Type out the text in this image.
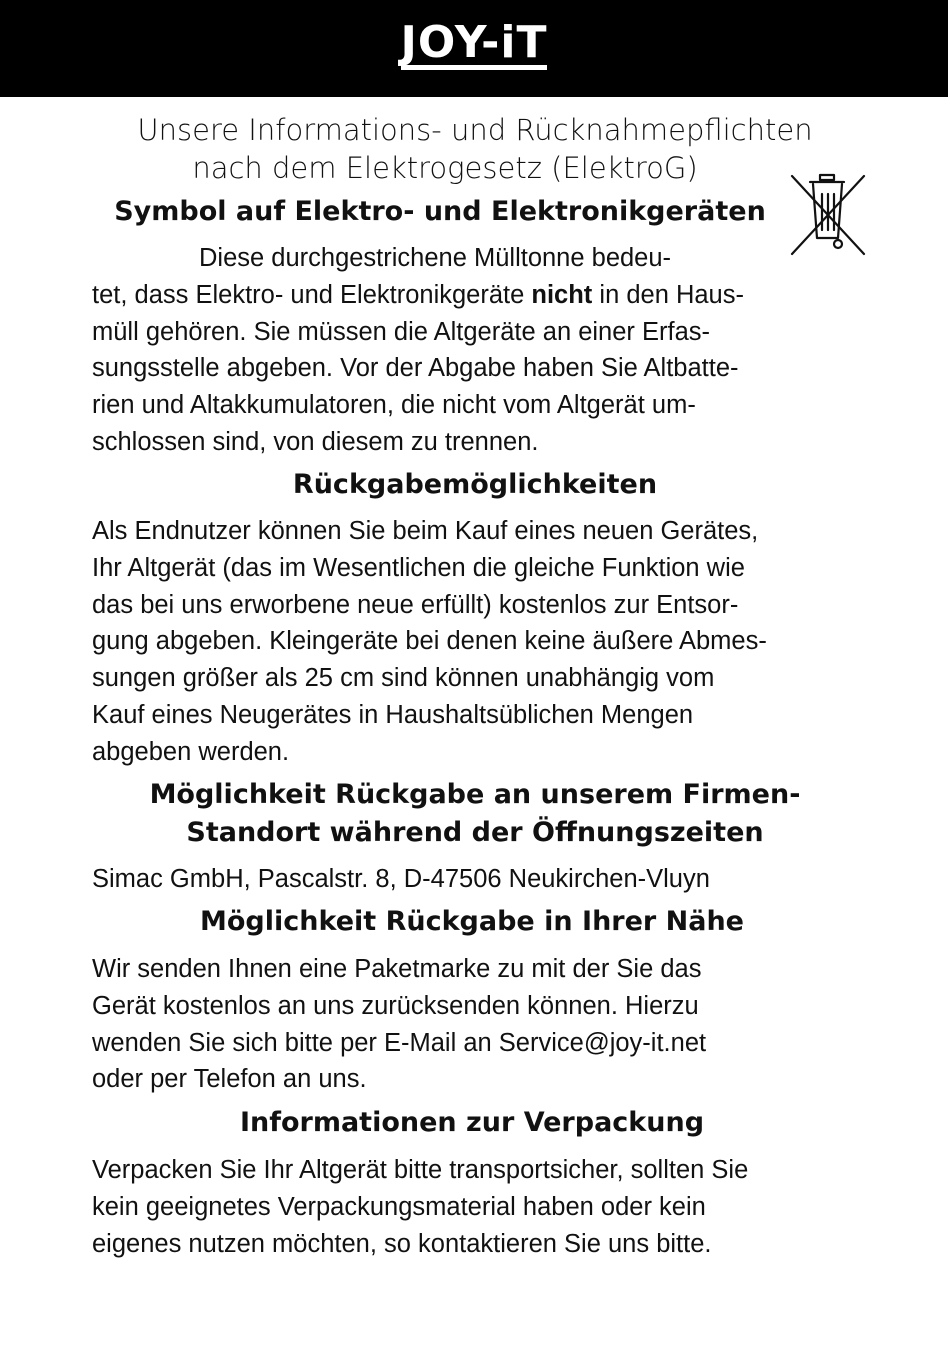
JOY-iT
Unsere Informations- und Rücknahmepflichten
nach dem Elektrogesetz (ElektroG)
Symbol auf Elektro- und Elektronikgeräten
Diese durchgestrichene Mülltonne bedeu-
tet, dass Elektro- und Elektronikgeräte nicht in den Haus-
müll gehören. Sie müssen die Altgeräte an einer Erfas-
sungsstelle abgeben. Vor der Abgabe haben Sie Altbatte-
rien und Altakkumulatoren, die nicht vom Altgerät um-
schlossen sind, von diesem zu trennen.
Rückgabemöglichkeiten
Als Endnutzer können Sie beim Kauf eines neuen Gerätes,
Ihr Altgerät (das im Wesentlichen die gleiche Funktion wie
das bei uns erworbene neue erfüllt) kostenlos zur Entsor-
gung abgeben. Kleingeräte bei denen keine äußere Abmes-
sungen größer als 25 cm sind können unabhängig vom
Kauf eines Neugerätes in Haushaltsüblichen Mengen
abgeben werden.
Möglichkeit Rückgabe an unserem Firmen-
Standort während der Öffnungszeiten
Simac GmbH, Pascalstr. 8, D-47506 Neukirchen-Vluyn
Möglichkeit Rückgabe in Ihrer Nähe
Wir senden Ihnen eine Paketmarke zu mit der Sie das
Gerät kostenlos an uns zurücksenden können. Hierzu
wenden Sie sich bitte per E-Mail an Service@joy-it.net
oder per Telefon an uns.
Informationen zur Verpackung
Verpacken Sie Ihr Altgerät bitte transportsicher, sollten Sie
kein geeignetes Verpackungsmaterial haben oder kein
eigenes nutzen möchten, so kontaktieren Sie uns bitte.
